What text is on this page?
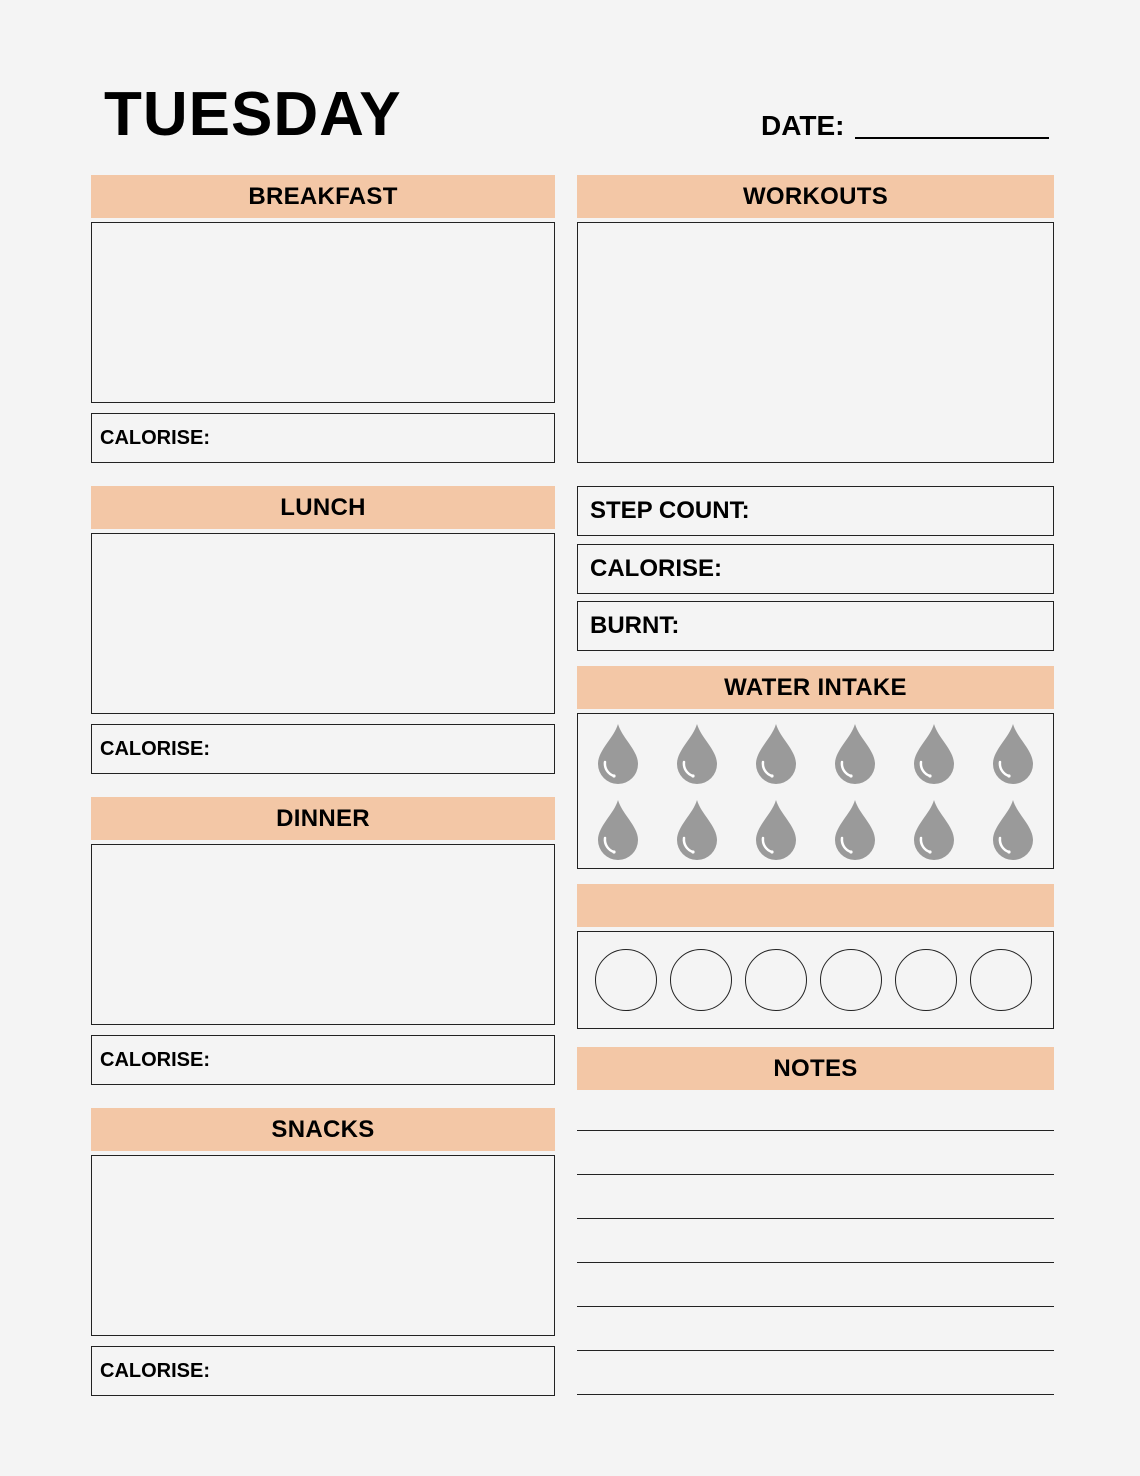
TUESDAY	DATE:
BREAKFAST
CALORISE:
LUNCH
CALORISE:
DINNER
CALORISE:
SNACKS
CALORISE:
WORKOUTS
STEP COUNT:
CALORISE:
BURNT:
WATER INTAKE
NOTES
